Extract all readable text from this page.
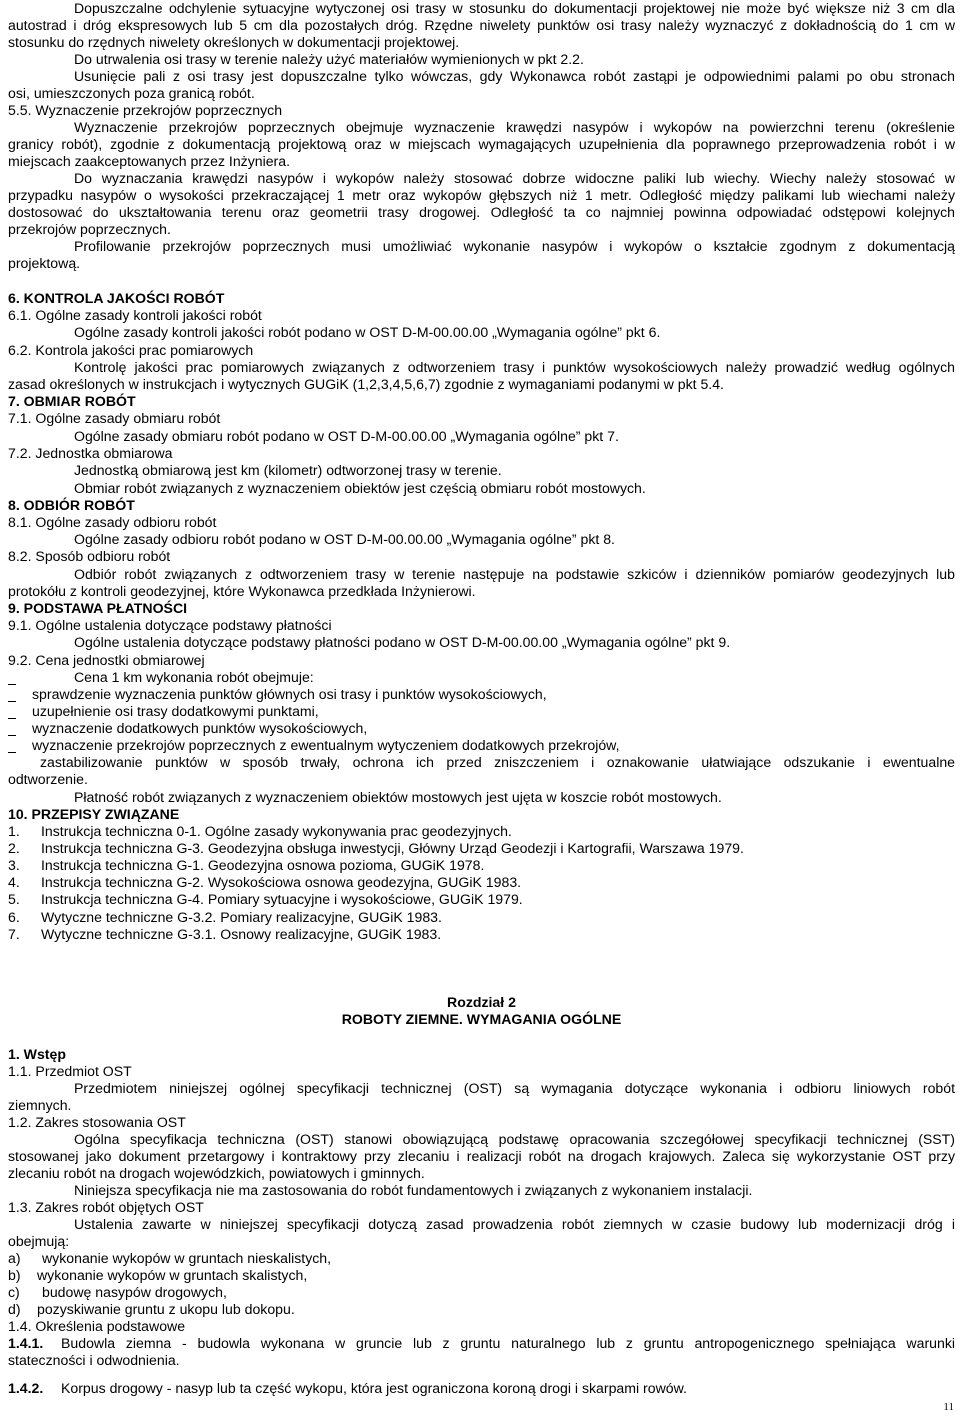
Dopuszczalne odchylenie sytuacyjne wytyczonej osi trasy w stosunku do dokumentacji projektowej nie może być większe niż 3 cm dla
autostrad i dróg ekspresowych lub 5 cm dla pozostałych dróg. Rzędne niwelety punktów osi trasy należy wyznaczyć z dokładnością do 1 cm w
stosunku do rzędnych niwelety określonych w dokumentacji projektowej.
Do utrwalenia osi trasy w terenie należy użyć materiałów wymienionych w pkt 2.2.
Usunięcie pali z osi trasy jest dopuszczalne tylko wówczas, gdy Wykonawca robót zastąpi je odpowiednimi palami po obu stronach
osi, umieszczonych poza granicą robót.
5.5. Wyznaczenie przekrojów poprzecznych
Wyznaczenie przekrojów poprzecznych obejmuje wyznaczenie krawędzi nasypów i wykopów na powierzchni terenu (określenie
granicy robót), zgodnie z dokumentacją projektową oraz w miejscach wymagających uzupełnienia dla poprawnego przeprowadzenia robót i w
miejscach zaakceptowanych przez Inżyniera.
Do wyznaczania krawędzi nasypów i wykopów należy stosować dobrze widoczne paliki lub wiechy. Wiechy należy stosować w
przypadku nasypów o wysokości przekraczającej 1 metr oraz wykopów głębszych niż 1 metr. Odległość między palikami lub wiechami należy
dostosować do ukształtowania terenu oraz geometrii trasy drogowej. Odległość ta co najmniej powinna odpowiadać odstępowi kolejnych
przekrojów poprzecznych.
Profilowanie przekrojów poprzecznych musi umożliwiać wykonanie nasypów i wykopów o kształcie zgodnym z dokumentacją
projektową.
6. KONTROLA JAKOŚCI ROBÓT
6.1. Ogólne zasady kontroli jakości robót
Ogólne zasady kontroli jakości robót podano w OST D-M-00.00.00 „Wymagania ogólne” pkt 6.
6.2. Kontrola jakości prac pomiarowych
Kontrolę jakości prac pomiarowych związanych z odtworzeniem trasy i punktów wysokościowych należy prowadzić według ogólnych
zasad określonych w instrukcjach i wytycznych GUGiK (1,2,3,4,5,6,7) zgodnie z wymaganiami podanymi w pkt 5.4.
7. OBMIAR ROBÓT
7.1. Ogólne zasady obmiaru robót
Ogólne zasady obmiaru robót podano w OST D-M-00.00.00 „Wymagania ogólne” pkt 7.
7.2. Jednostka obmiarowa
Jednostką obmiarową jest km (kilometr) odtworzonej trasy w terenie.
Obmiar robót związanych z wyznaczeniem obiektów jest częścią obmiaru robót mostowych.
8. ODBIÓR ROBÓT
8.1. Ogólne zasady odbioru robót
Ogólne zasady odbioru robót podano w OST D-M-00.00.00 „Wymagania ogólne” pkt 8.
8.2. Sposób odbioru robót
Odbiór robót związanych z odtworzeniem trasy w terenie następuje na podstawie szkiców i dzienników pomiarów geodezyjnych lub
protokółu z kontroli geodezyjnej, które Wykonawca przedkłada Inżynierowi.
9. PODSTAWA PŁATNOŚCI
9.1. Ogólne ustalenia dotyczące podstawy płatności
Ogólne ustalenia dotyczące podstawy płatności podano w OST D-M-00.00.00 „Wymagania ogólne” pkt 9.
9.2. Cena jednostki obmiarowej
Cena 1 km wykonania robót obejmuje:
sprawdzenie wyznaczenia punktów głównych osi trasy i punktów wysokościowych,
uzupełnienie osi trasy dodatkowymi punktami,
wyznaczenie dodatkowych punktów wysokościowych,
wyznaczenie przekrojów poprzecznych z ewentualnym wytyczeniem dodatkowych przekrojów,
zastabilizowanie punktów w sposób trwały, ochrona ich przed zniszczeniem i oznakowanie ułatwiające odszukanie i ewentualne
odtworzenie.
Płatność robót związanych z wyznaczeniem obiektów mostowych jest ujęta w koszcie robót mostowych.
10. PRZEPISY ZWIĄZANE
1. Instrukcja techniczna 0-1. Ogólne zasady wykonywania prac geodezyjnych.
2. Instrukcja techniczna G-3. Geodezyjna obsługa inwestycji, Główny Urząd Geodezji i Kartografii, Warszawa 1979.
3. Instrukcja techniczna G-1. Geodezyjna osnowa pozioma, GUGiK 1978.
4. Instrukcja techniczna G-2. Wysokościowa osnowa geodezyjna, GUGiK 1983.
5. Instrukcja techniczna G-4. Pomiary sytuacyjne i wysokościowe, GUGiK 1979.
6. Wytyczne techniczne G-3.2. Pomiary realizacyjne, GUGiK 1983.
7. Wytyczne techniczne G-3.1. Osnowy realizacyjne, GUGiK 1983.
Rozdział 2
ROBOTY ZIEMNE. WYMAGANIA OGÓLNE
1. Wstęp
1.1. Przedmiot OST
Przedmiotem niniejszej ogólnej specyfikacji technicznej (OST) są wymagania dotyczące wykonania i odbioru liniowych robót
ziemnych.
1.2. Zakres stosowania OST
Ogólna specyfikacja techniczna (OST) stanowi obowiązującą podstawę opracowania szczegółowej specyfikacji technicznej (SST)
stosowanej jako dokument przetargowy i kontraktowy przy zlecaniu i realizacji robót na drogach krajowych. Zaleca się wykorzystanie OST przy
zlecaniu robót na drogach wojewódzkich, powiatowych i gminnych.
Niniejsza specyfikacja nie ma zastosowania do robót fundamentowych i związanych z wykonaniem instalacji.
1.3. Zakres robót objętych OST
Ustalenia zawarte w niniejszej specyfikacji dotyczą zasad prowadzenia robót ziemnych w czasie budowy lub modernizacji dróg i
obejmują:
a) wykonanie wykopów w gruntach nieskalistych,
b) wykonanie wykopów w gruntach skalistych,
c) budowę nasypów drogowych,
d) pozyskiwanie gruntu z ukopu lub dokopu.
1.4. Określenia podstawowe
1.4.1. Budowla ziemna - budowla wykonana w gruncie lub z gruntu naturalnego lub z gruntu antropogenicznego spełniająca warunki
stateczności i odwodnienia.
1.4.2. Korpus drogowy - nasyp lub ta część wykopu, która jest ograniczona koroną drogi i skarpami rowów.
11
